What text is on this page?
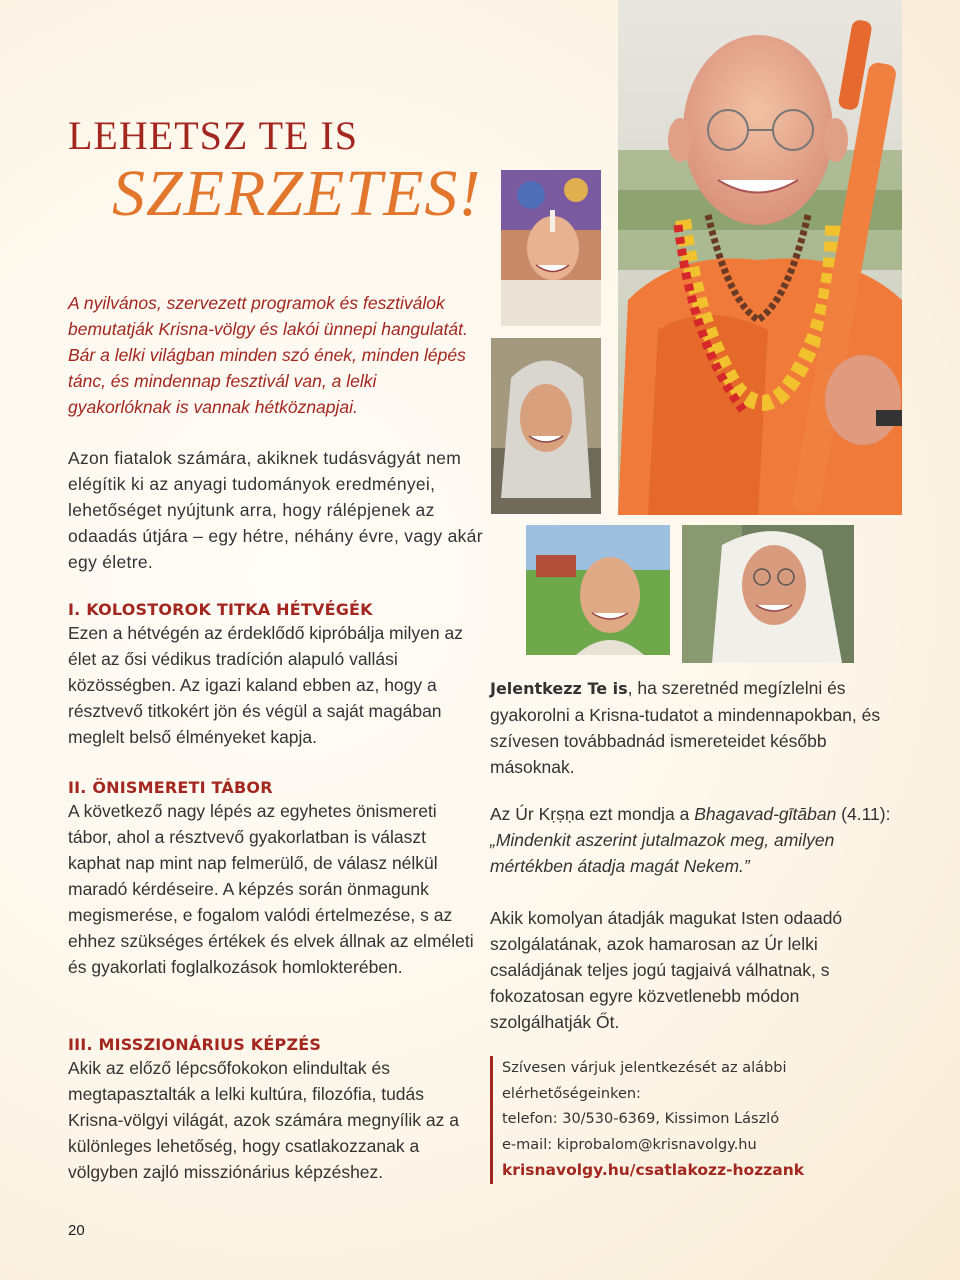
LEHETSZ TE IS
SZERZETES!
A nyilvános, szervezett programok és fesztiválok bemutatják Krisna-völgy és lakói ünnepi hangulatát. Bár a lelki világban minden szó ének, minden lépés tánc, és mindennap fesztivál van, a lelki gyakorlóknak is vannak hétköznapjai.
Azon fiatalok számára, akiknek tudásvágyát nem elégítik ki az anyagi tudományok eredményei, lehetőséget nyújtunk arra, hogy rálépjenek az odaadás útjára – egy hétre, néhány évre, vagy akár egy életre.
I. KOLOSTOROK TITKA HÉTVÉGÉK

Ezen a hétvégén az érdeklődő kipróbálja milyen az élet az ősi védikus tradíción alapuló vallási közösségben. Az igazi kaland ebben az, hogy a résztvevő titkokért jön és végül a saját magában meglelt belső élményeket kapja.

II. ÖNISMERETI TÁBOR

A következő nagy lépés az egyhetes önismereti tábor, ahol a résztvevő gyakorlatban is választ kaphat nap mint nap felmerülő, de válasz nélkül maradó kérdéseire. A képzés során önmagunk megismerése, e fogalom valódi értelmezése, s az ehhez szükséges értékek és elvek állnak az elméleti és gyakorlati foglalkozások homlokterében.

III. MISSZIONÁRIUS KÉPZÉS

Akik az előző lépcsőfokokon elindultak és megtapasztalták a lelki kultúra, filozófia, tudás Krisna-völgyi világát, azok számára megnyílik az a különleges lehetőség, hogy csatlakozzanak a völgyben zajló missziónárius képzéshez.

Jelentkezz Te is, ha szeretnéd megízlelni és gyakorolni a Krisna-tudatot a mindennapokban, és szívesen továbbadnád ismereteidet később másoknak.
Az Úr Kṛṣṇa ezt mondja a Bhagavad-gītāban (4.11): „Mindenkit aszerint jutalmazok meg, amilyen mértékben átadja magát Nekem.”
Akik komolyan átadják magukat Isten odaadó szolgálatának, azok hamarosan az Úr lelki családjának teljes jogú tagjaivá válhatnak, s fokozatosan egyre közvetlenebb módon szolgálhatják Őt.
Szívesen várjuk jelentkezését az alábbi elérhetőségeinken:
telefon: 30/530-6369, Kissimon László
e-mail: kiprobalom@krisnavolgy.hu
krisnavolgy.hu/csatlakozz-hozzank
20
